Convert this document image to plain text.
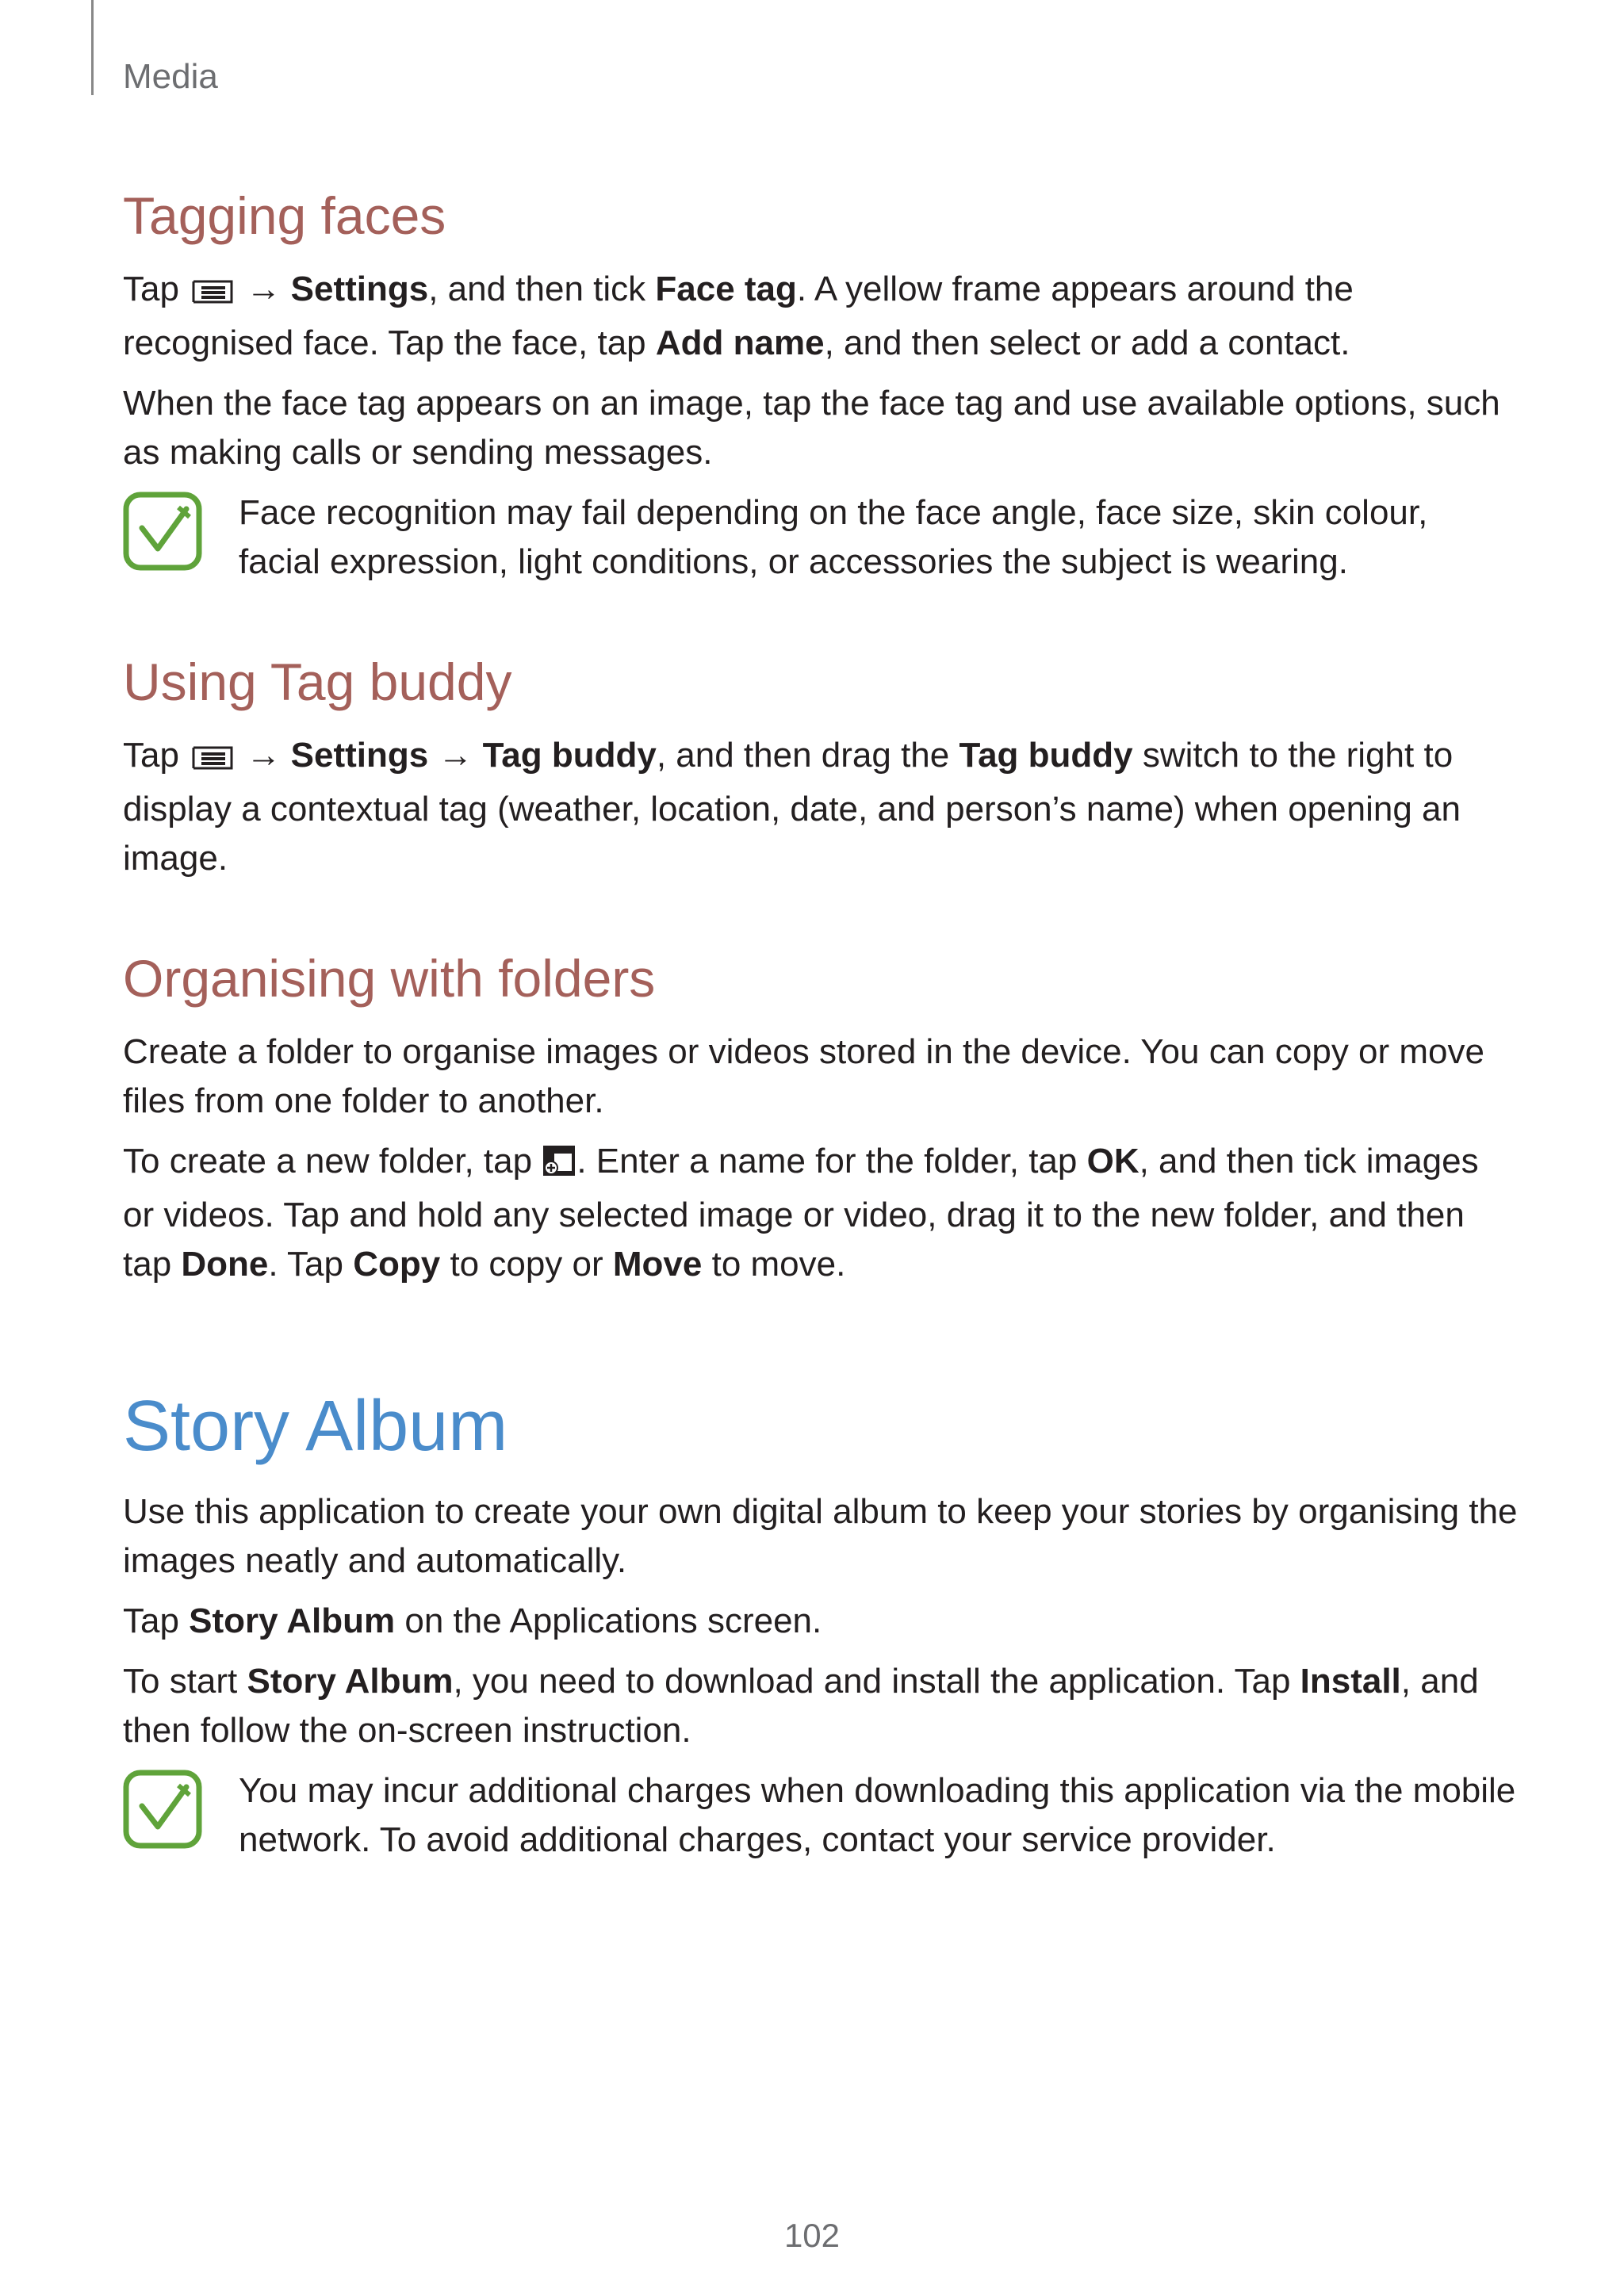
Media
Tagging faces

Tap  → Settings, and then tick Face tag. A yellow frame appears around the recognised face. Tap the face, tap Add name, and then select or add a contact.

When the face tag appears on an image, tap the face tag and use available options, such as making calls or sending messages.

Face recognition may fail depending on the face angle, face size, skin colour, facial expression, light conditions, or accessories the subject is wearing.

Using Tag buddy

Tap  → Settings → Tag buddy, and then drag the Tag buddy switch to the right to display a contextual tag (weather, location, date, and person’s name) when opening an image.

Organising with folders

Create a folder to organise images or videos stored in the device. You can copy or move files from one folder to another.

To create a new folder, tap . Enter a name for the folder, tap OK, and then tick images or videos. Tap and hold any selected image or video, drag it to the new folder, and then tap Done. Tap Copy to copy or Move to move.

Story Album

Use this application to create your own digital album to keep your stories by organising the images neatly and automatically.

Tap Story Album on the Applications screen.

To start Story Album, you need to download and install the application. Tap Install, and then follow the on-screen instruction.

You may incur additional charges when downloading this application via the mobile network. To avoid additional charges, contact your service provider.

102
